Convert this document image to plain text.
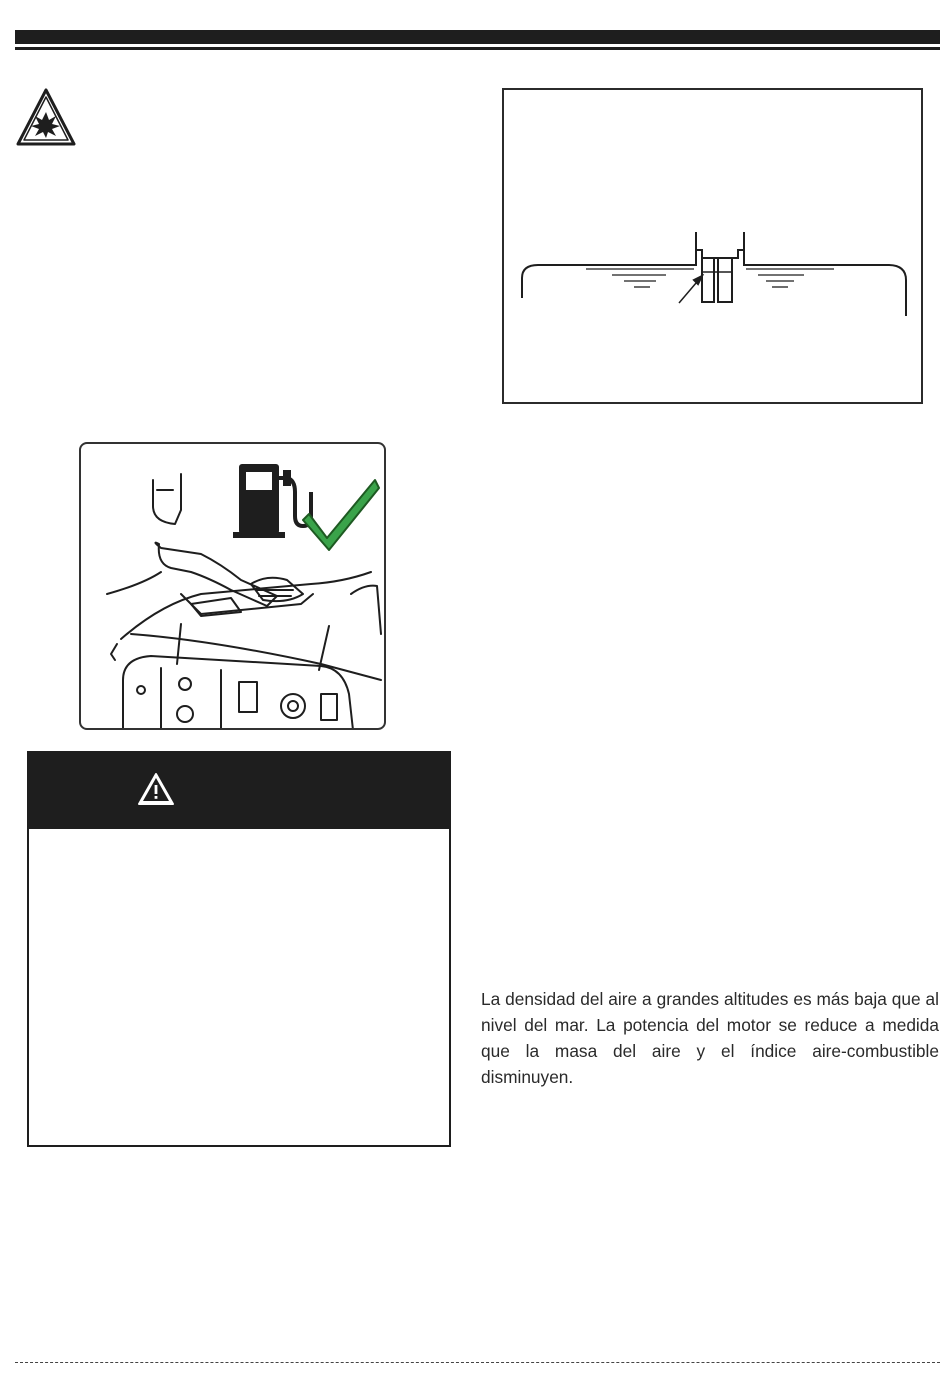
La densidad del aire a grandes altitudes es más baja que al nivel del mar. La potencia del motor se reduce a medida que la masa del aire y el índice aire-combustible disminuyen.
